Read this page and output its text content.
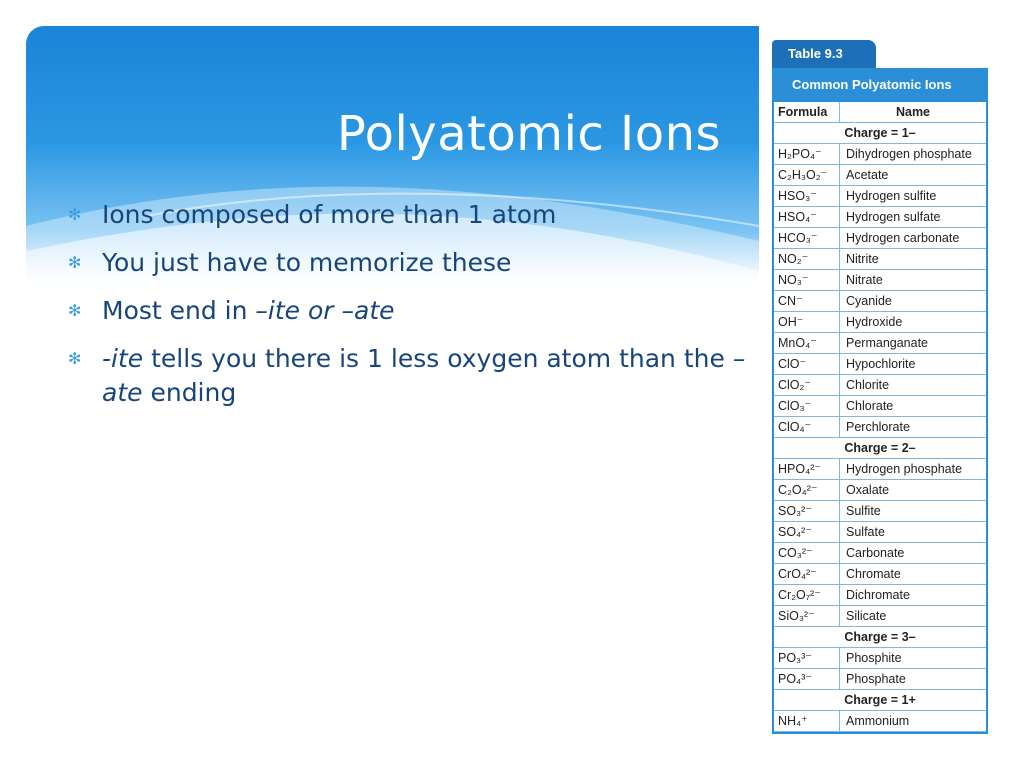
Polyatomic Ions
✻ Ions composed of more than 1 atom
✻ You just have to memorize these
✻ Most end in –ite or –ate
✻ -ite tells you there is 1 less oxygen atom than the –ate ending
Table 9.3
Common Polyatomic Ions
Formula	Name
Charge = 1–
H₂PO₄⁻	Dihydrogen phosphate
C₂H₃O₂⁻	Acetate
HSO₃⁻	Hydrogen sulfite
HSO₄⁻	Hydrogen sulfate
HCO₃⁻	Hydrogen carbonate
NO₂⁻	Nitrite
NO₃⁻	Nitrate
CN⁻	Cyanide
OH⁻	Hydroxide
MnO₄⁻	Permanganate
ClO⁻	Hypochlorite
ClO₂⁻	Chlorite
ClO₃⁻	Chlorate
ClO₄⁻	Perchlorate
Charge = 2–
HPO₄²⁻	Hydrogen phosphate
C₂O₄²⁻	Oxalate
SO₃²⁻	Sulfite
SO₄²⁻	Sulfate
CO₃²⁻	Carbonate
CrO₄²⁻	Chromate
Cr₂O₇²⁻	Dichromate
SiO₃²⁻	Silicate
Charge = 3–
PO₃³⁻	Phosphite
PO₄³⁻	Phosphate
Charge = 1+
NH₄⁺	Ammonium
